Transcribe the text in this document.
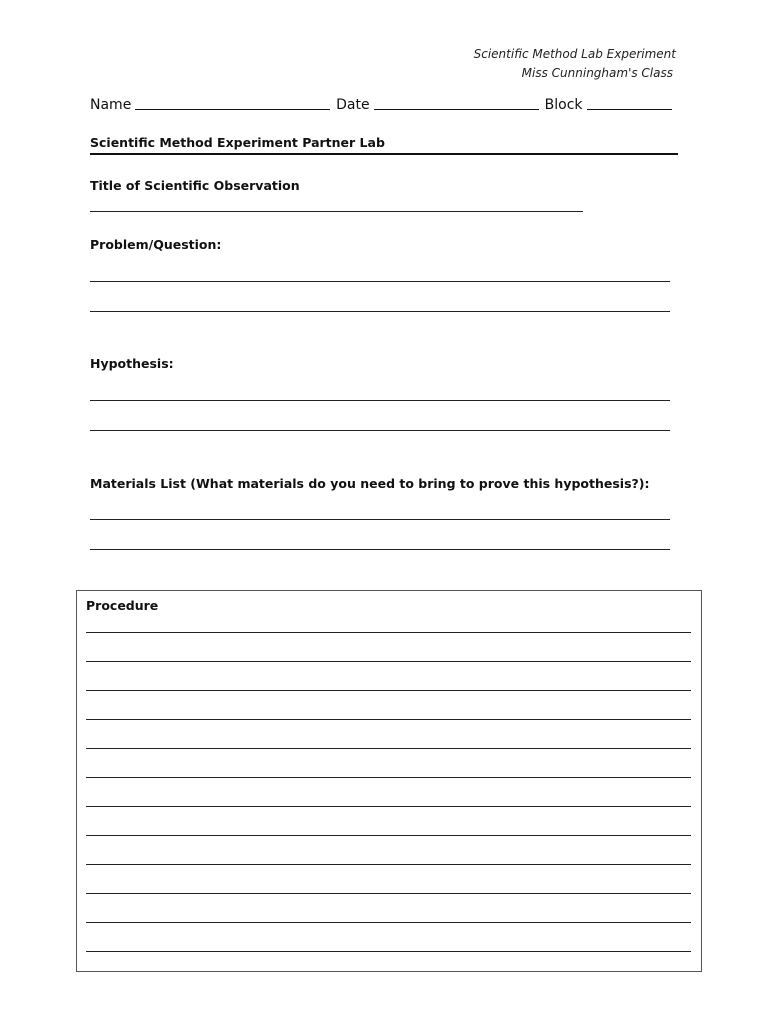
Scientific Method Lab Experiment
Miss Cunningham's Class
Name	Date	Block
Scientific Method Experiment Partner Lab
Title of Scientific Observation
Problem/Question:
Hypothesis:
Materials List (What materials do you need to bring to prove this hypothesis?):
Procedure
